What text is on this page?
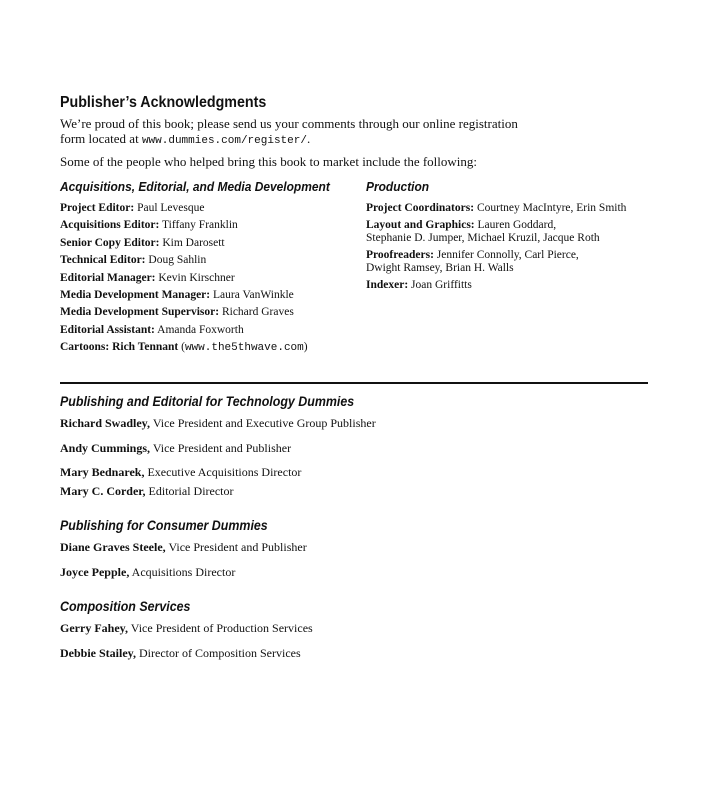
Publisher’s Acknowledgments

We’re proud of this book; please send us your comments through our online registration form located at www.dummies.com/register/.

Some of the people who helped bring this book to market include the following:

Acquisitions, Editorial, and Media Development
Project Editor: Paul Levesque
Acquisitions Editor: Tiffany Franklin
Senior Copy Editor: Kim Darosett
Technical Editor: Doug Sahlin
Editorial Manager: Kevin Kirschner
Media Development Manager: Laura VanWinkle
Media Development Supervisor: Richard Graves
Editorial Assistant: Amanda Foxworth
Cartoons: Rich Tennant (www.the5thwave.com)
Production
Project Coordinators: Courtney MacIntyre, Erin Smith
Layout and Graphics: Lauren Goddard,
Stephanie D. Jumper, Michael Kruzil, Jacque Roth
Proofreaders: Jennifer Connolly, Carl Pierce,
Dwight Ramsey, Brian H. Walls
Indexer: Joan Griffitts
Publishing and Editorial for Technology Dummies
Richard Swadley, Vice President and Executive Group Publisher
Andy Cummings, Vice President and Publisher
Mary Bednarek, Executive Acquisitions Director
Mary C. Corder, Editorial Director
Publishing for Consumer Dummies
Diane Graves Steele, Vice President and Publisher
Joyce Pepple, Acquisitions Director
Composition Services
Gerry Fahey, Vice President of Production Services
Debbie Stailey, Director of Composition Services
